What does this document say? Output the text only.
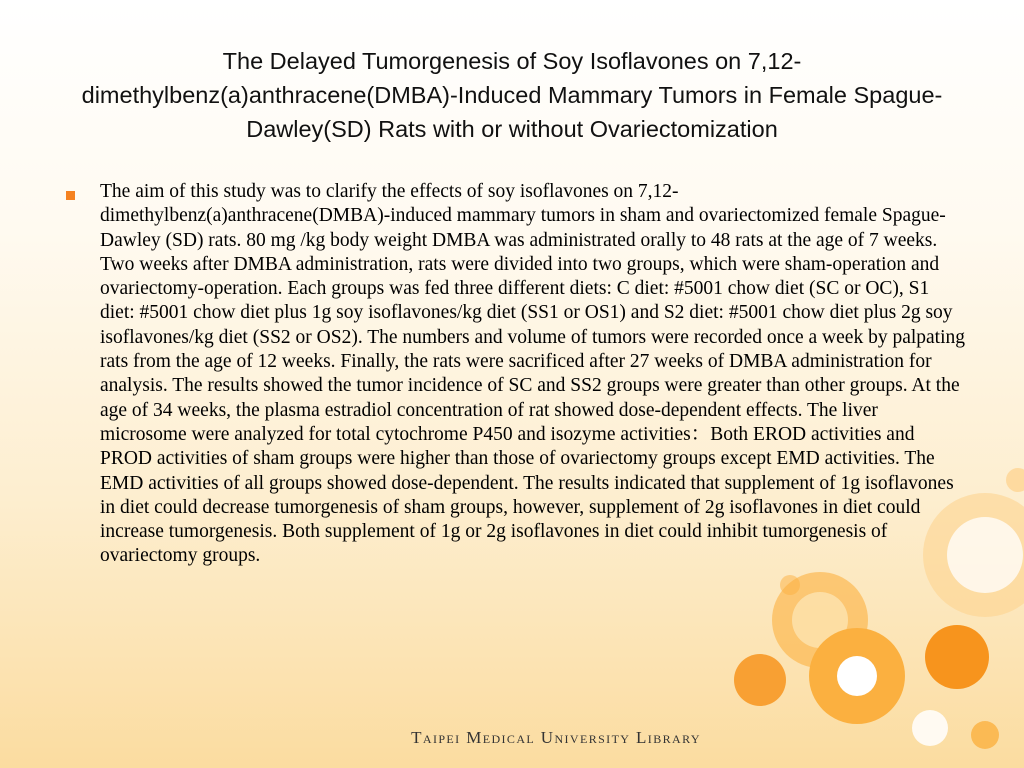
The Delayed Tumorgenesis of Soy Isoflavones on 7,12-dimethylbenz(a)anthracene(DMBA)-Induced Mammary Tumors in Female Spague-Dawley(SD) Rats with or without Ovariectomization

The aim of this study was to clarify the effects of soy isoflavones on 7,12-dimethylbenz(a)anthracene(DMBA)-induced mammary tumors in sham and ovariectomized female Spague-Dawley (SD) rats. 80 mg /kg body weight DMBA was administrated orally to 48 rats at the age of 7 weeks. Two weeks after DMBA administration, rats were divided into two groups, which were sham-operation and ovariectomy-operation. Each groups was fed three different diets: C diet: #5001 chow diet (SC or OC), S1 diet: #5001 chow diet plus 1g soy isoflavones/kg diet (SS1 or OS1) and S2 diet: #5001 chow diet plus 2g soy isoflavones/kg diet (SS2 or OS2). The numbers and volume of tumors were recorded once a week by palpating rats from the age of 12 weeks. Finally, the rats were sacrificed after 27 weeks of DMBA administration for analysis. The results showed the tumor incidence of SC and SS2 groups were greater than other groups. At the age of 34 weeks, the plasma estradiol concentration of rat showed dose-dependent effects. The liver microsome were analyzed for total cytochrome P450 and isozyme activities：Both EROD activities and PROD activities of sham groups were higher than those of ovariectomy groups except EMD activities. The EMD activities of all groups showed dose-dependent. The results indicated that supplement of 1g isoflavones in diet could decrease tumorgenesis of sham groups, however, supplement of 2g isoflavones in diet could increase tumorgenesis. Both supplement of 1g or 2g isoflavones in diet could inhibit tumorgenesis of ovariectomy groups.

Taipei Medical University Library
